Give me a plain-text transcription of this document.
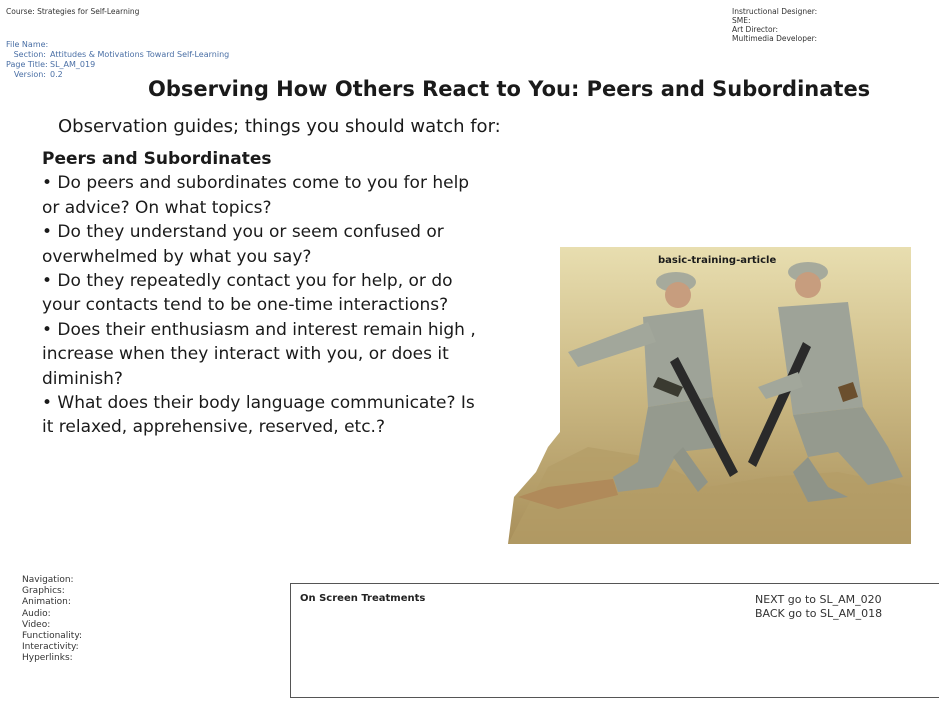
Course: Strategies for Self-Learning	Instructional Designer:
SME:
Art Director:
Multimedia Developer:
File Name:
Section: Attitudes & Motivations Toward Self-Learning
Page Title: SL_AM_019
Version: 0.2
Observing How Others React to You: Peers and Subordinates
Observation guides; things you should watch for:
Peers and Subordinates
• Do peers and subordinates come to you for help
or advice? On what topics?
• Do they understand you or seem confused or
overwhelmed by what you say?
• Do they repeatedly contact you for help, or do
your contacts tend to be one-time interactions?
• Does their enthusiasm and interest remain high ,
increase when they interact with you, or does it
diminish?
• What does their body language communicate? Is
it relaxed, apprehensive, reserved, etc.?
basic-training-article
Navigation:
Graphics:
Animation:
Audio:
Video:
Functionality:
Interactivity:
Hyperlinks:
On Screen Treatments	NEXT go to SL_AM_020
BACK go to SL_AM_018
